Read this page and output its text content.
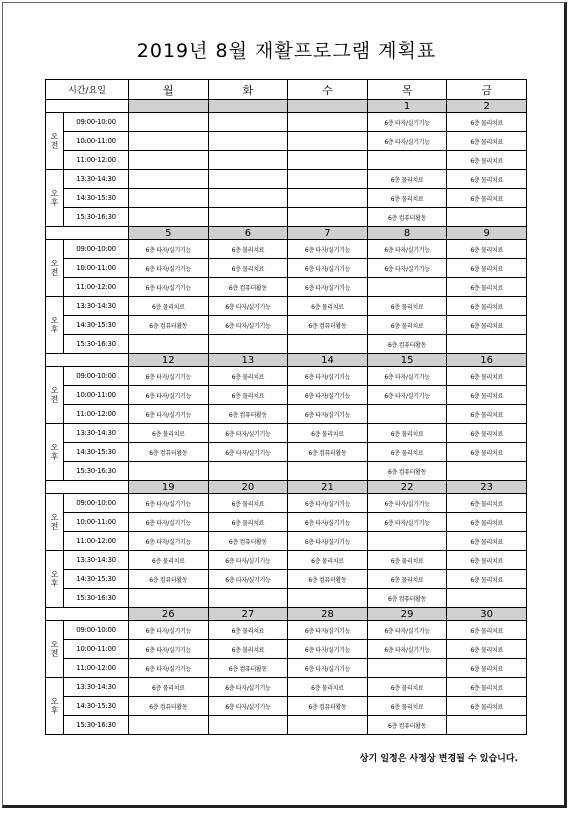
2019년 8월 재활프로그램 계획표
시간/요일		월	화	수	목	금
					1	2
오
전	09:00-10:00				6층 타자/실기기능	6층 물리치료
	10:00-11:00				6층 타자/실기기능	6층 물리치료
	11:00-12:00					6층 물리치료
오
후	13:30-14:30				6층 물리치료	6층 물리치료
	14:30-15:30				6층 물리치료	6층 물리치료
	15:30-16:30				6층 컴퓨터활동	
		5	6	7	8	9
오
전	09:00-10:00	6층 타자/실기기능	6층 물리치료	6층 타자/실기기능	6층 타자/실기기능	6층 물리치료
	10:00-11:00	6층 타자/실기기능	6층 물리치료	6층 타자/실기기능	6층 타자/실기기능	6층 물리치료
	11:00-12:00	6층 타자/실기기능	6층 컴퓨터활동	6층 타자/실기기능		6층 물리치료
오
후	13:30-14:30	6층 물리치료	6층 타자/실기기능	6층 물리치료	6층 물리치료	6층 물리치료
	14:30-15:30	6층 컴퓨터활동	6층 타자/실기기능	6층 컴퓨터활동	6층 물리치료	6층 물리치료
	15:30-16:30				6층 컴퓨터활동	
		12	13	14	15	16
오
전	09:00-10:00	6층 타자/실기기능	6층 물리치료	6층 타자/실기기능	6층 타자/실기기능	6층 물리치료
	10:00-11:00	6층 타자/실기기능	6층 물리치료	6층 타자/실기기능	6층 타자/실기기능	6층 물리치료
	11:00-12:00	6층 타자/실기기능	6층 컴퓨터활동	6층 타자/실기기능		6층 물리치료
오
후	13:30-14:30	6층 물리치료	6층 타자/실기기능	6층 물리치료	6층 물리치료	6층 물리치료
	14:30-15:30	6층 컴퓨터활동	6층 타자/실기기능	6층 컴퓨터활동	6층 물리치료	6층 물리치료
	15:30-16:30				6층 컴퓨터활동	
		19	20	21	22	23
오
전	09:00-10:00	6층 타자/실기기능	6층 물리치료	6층 타자/실기기능	6층 타자/실기기능	6층 물리치료
	10:00-11:00	6층 타자/실기기능	6층 물리치료	6층 타자/실기기능	6층 타자/실기기능	6층 물리치료
	11:00-12:00	6층 타자/실기기능	6층 컴퓨터활동	6층 타자/실기기능		6층 물리치료
오
후	13:30-14:30	6층 물리치료	6층 타자/실기기능	6층 물리치료	6층 물리치료	6층 물리치료
	14:30-15:30	6층 컴퓨터활동	6층 타자/실기기능	6층 컴퓨터활동	6층 물리치료	6층 물리치료
	15:30-16:30				6층 컴퓨터활동	
		26	27	28	29	30
오
전	09:00-10:00	6층 타자/실기기능	6층 물리치료	6층 타자/실기기능	6층 타자/실기기능	6층 물리치료
	10:00-11:00	6층 타자/실기기능	6층 물리치료	6층 타자/실기기능	6층 타자/실기기능	6층 물리치료
	11:00-12:00	6층 타자/실기기능	6층 컴퓨터활동	6층 타자/실기기능		6층 물리치료
오
후	13:30-14:30	6층 물리치료	6층 타자/실기기능	6층 물리치료	6층 물리치료	6층 물리치료
	14:30-15:30	6층 컴퓨터활동	6층 타자/실기기능	6층 컴퓨터활동	6층 물리치료	6층 물리치료
	15:30-16:30				6층 컴퓨터활동	
상기 일정은 사정상 변경될 수 있습니다.
